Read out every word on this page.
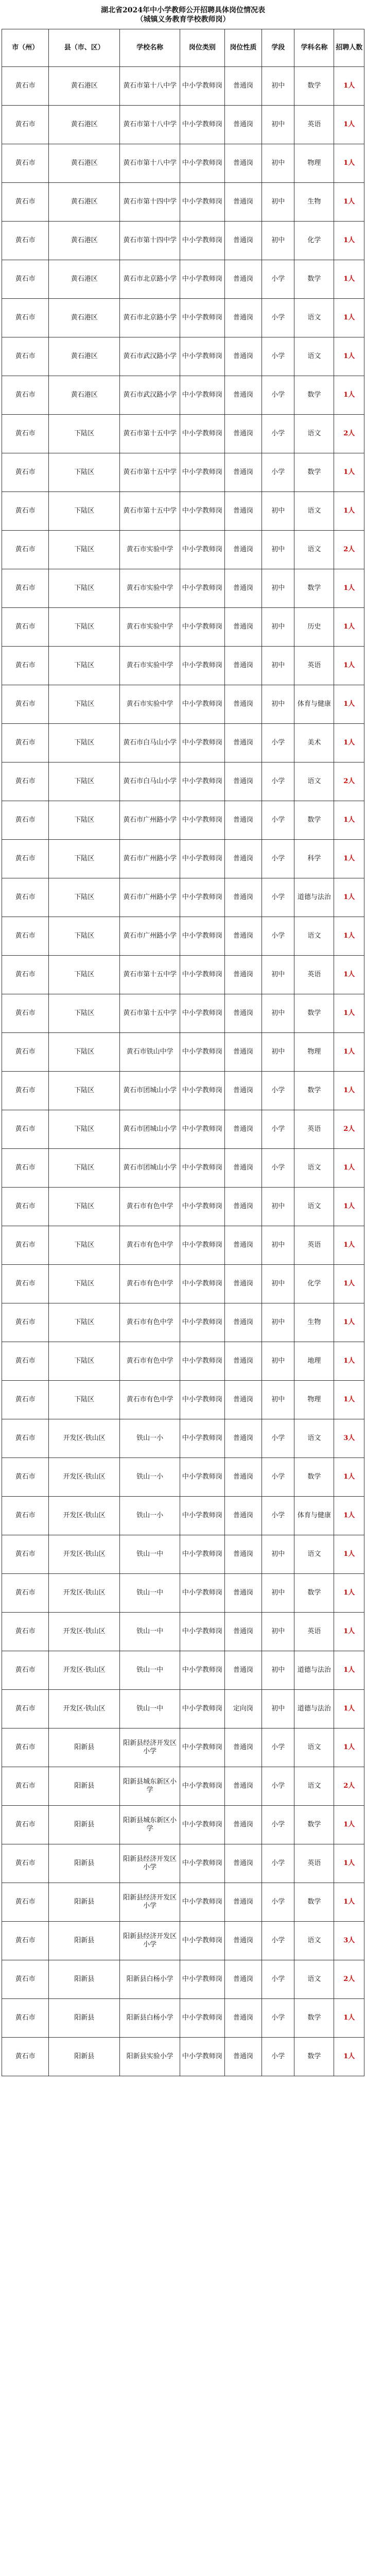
湖北省2024年中小学教师公开招聘具体岗位情况表
（城镇义务教育学校教师岗）
市（州）	县（市、区）	学校名称	岗位类别	岗位性质	学段	学科名称	招聘人数
黄石市	黄石港区	黄石市第十八中学	中小学教师岗	普通岗	初中	数学	1人
黄石市	黄石港区	黄石市第十八中学	中小学教师岗	普通岗	初中	英语	1人
黄石市	黄石港区	黄石市第十八中学	中小学教师岗	普通岗	初中	物理	1人
黄石市	黄石港区	黄石市第十四中学	中小学教师岗	普通岗	初中	生物	1人
黄石市	黄石港区	黄石市第十四中学	中小学教师岗	普通岗	初中	化学	1人
黄石市	黄石港区	黄石市北京路小学	中小学教师岗	普通岗	小学	数学	1人
黄石市	黄石港区	黄石市北京路小学	中小学教师岗	普通岗	小学	语文	1人
黄石市	黄石港区	黄石市武汉路小学	中小学教师岗	普通岗	小学	语文	1人
黄石市	黄石港区	黄石市武汉路小学	中小学教师岗	普通岗	小学	数学	1人
黄石市	下陆区	黄石市第十五中学	中小学教师岗	普通岗	小学	语文	2人
黄石市	下陆区	黄石市第十五中学	中小学教师岗	普通岗	小学	数学	1人
黄石市	下陆区	黄石市第十五中学	中小学教师岗	普通岗	初中	语文	1人
黄石市	下陆区	黄石市实验中学	中小学教师岗	普通岗	初中	语文	2人
黄石市	下陆区	黄石市实验中学	中小学教师岗	普通岗	初中	数学	1人
黄石市	下陆区	黄石市实验中学	中小学教师岗	普通岗	初中	历史	1人
黄石市	下陆区	黄石市实验中学	中小学教师岗	普通岗	初中	英语	1人
黄石市	下陆区	黄石市实验中学	中小学教师岗	普通岗	初中	体育与健康	1人
黄石市	下陆区	黄石市白马山小学	中小学教师岗	普通岗	小学	美术	1人
黄石市	下陆区	黄石市白马山小学	中小学教师岗	普通岗	小学	语文	2人
黄石市	下陆区	黄石市广州路小学	中小学教师岗	普通岗	小学	数学	1人
黄石市	下陆区	黄石市广州路小学	中小学教师岗	普通岗	小学	科学	1人
黄石市	下陆区	黄石市广州路小学	中小学教师岗	普通岗	小学	道德与法治	1人
黄石市	下陆区	黄石市广州路小学	中小学教师岗	普通岗	小学	语文	1人
黄石市	下陆区	黄石市第十五中学	中小学教师岗	普通岗	初中	英语	1人
黄石市	下陆区	黄石市第十五中学	中小学教师岗	普通岗	初中	数学	1人
黄石市	下陆区	黄石市铁山中学	中小学教师岗	普通岗	初中	物理	1人
黄石市	下陆区	黄石市团城山小学	中小学教师岗	普通岗	小学	数学	1人
黄石市	下陆区	黄石市团城山小学	中小学教师岗	普通岗	小学	英语	2人
黄石市	下陆区	黄石市团城山小学	中小学教师岗	普通岗	小学	语文	1人
黄石市	下陆区	黄石市有色中学	中小学教师岗	普通岗	初中	语文	1人
黄石市	下陆区	黄石市有色中学	中小学教师岗	普通岗	初中	英语	1人
黄石市	下陆区	黄石市有色中学	中小学教师岗	普通岗	初中	化学	1人
黄石市	下陆区	黄石市有色中学	中小学教师岗	普通岗	初中	生物	1人
黄石市	下陆区	黄石市有色中学	中小学教师岗	普通岗	初中	地理	1人
黄石市	下陆区	黄石市有色中学	中小学教师岗	普通岗	初中	物理	1人
黄石市	开发区·铁山区	铁山一小	中小学教师岗	普通岗	小学	语文	3人
黄石市	开发区·铁山区	铁山一小	中小学教师岗	普通岗	小学	数学	1人
黄石市	开发区·铁山区	铁山一小	中小学教师岗	普通岗	小学	体育与健康	1人
黄石市	开发区·铁山区	铁山一中	中小学教师岗	普通岗	初中	语文	1人
黄石市	开发区·铁山区	铁山一中	中小学教师岗	普通岗	初中	数学	1人
黄石市	开发区·铁山区	铁山一中	中小学教师岗	普通岗	初中	英语	1人
黄石市	开发区·铁山区	铁山一中	中小学教师岗	普通岗	初中	道德与法治	1人
黄石市	开发区·铁山区	铁山一中	中小学教师岗	定向岗	初中	道德与法治	1人
黄石市	阳新县	阳新县经济开发区小学	中小学教师岗	普通岗	小学	语文	1人
黄石市	阳新县	阳新县城东新区小学	中小学教师岗	普通岗	小学	语文	2人
黄石市	阳新县	阳新县城东新区小学	中小学教师岗	普通岗	小学	数学	1人
黄石市	阳新县	阳新县经济开发区小学	中小学教师岗	普通岗	小学	英语	1人
黄石市	阳新县	阳新县经济开发区小学	中小学教师岗	普通岗	小学	数学	1人
黄石市	阳新县	阳新县经济开发区小学	中小学教师岗	普通岗	小学	语文	3人
黄石市	阳新县	阳新县白杨小学	中小学教师岗	普通岗	小学	语文	2人
黄石市	阳新县	阳新县白杨小学	中小学教师岗	普通岗	小学	数学	1人
黄石市	阳新县	阳新县实验小学	中小学教师岗	普通岗	小学	数学	1人
